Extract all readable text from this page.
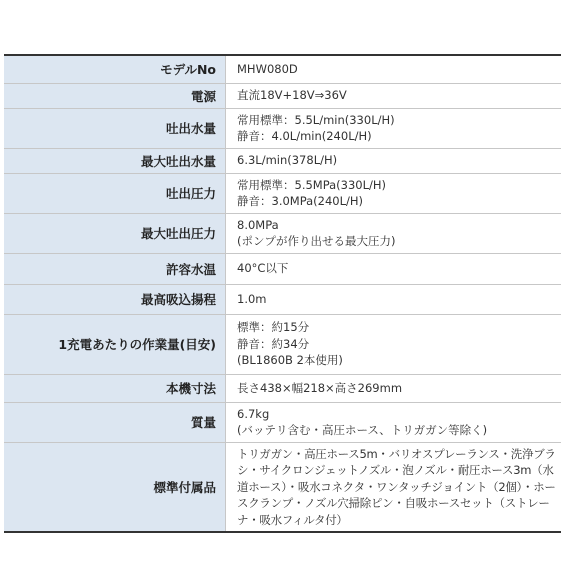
モデルNo	MHW080D

電源	直流18V+18V⇒36V

吐出水量	常用標準：5.5L/min(330L/H)
静音：4.0L/min(240L/H)

最大吐出水量	6.3L/min(378L/H)

吐出圧力	常用標準：5.5MPa(330L/H)
静音：3.0MPa(240L/H)

最大吐出圧力	8.0MPa
(ポンプが作り出せる最大圧力)

許容水温	40°C以下

最高吸込揚程	1.0m

1充電あたりの作業量(目安)	標準：約15分
静音：約34分
(BL1860B 2本使用)

本機寸法	長さ438×幅218×高さ269mm

質量	6.7kg
(バッテリ含む・高圧ホース、トリガガン等除く)

標準付属品	トリガガン・高圧ホース5m・バリオスプレーランス・洗浄ブラシ・サイクロンジェットノズル・泡ノズル・耐圧ホース3m（水道ホース）・吸水コネクタ・ワンタッチジョイント（2個）・ホースクランプ・ノズル穴掃除ピン・自吸ホースセット（ストレーナ・吸水フィルタ付）
